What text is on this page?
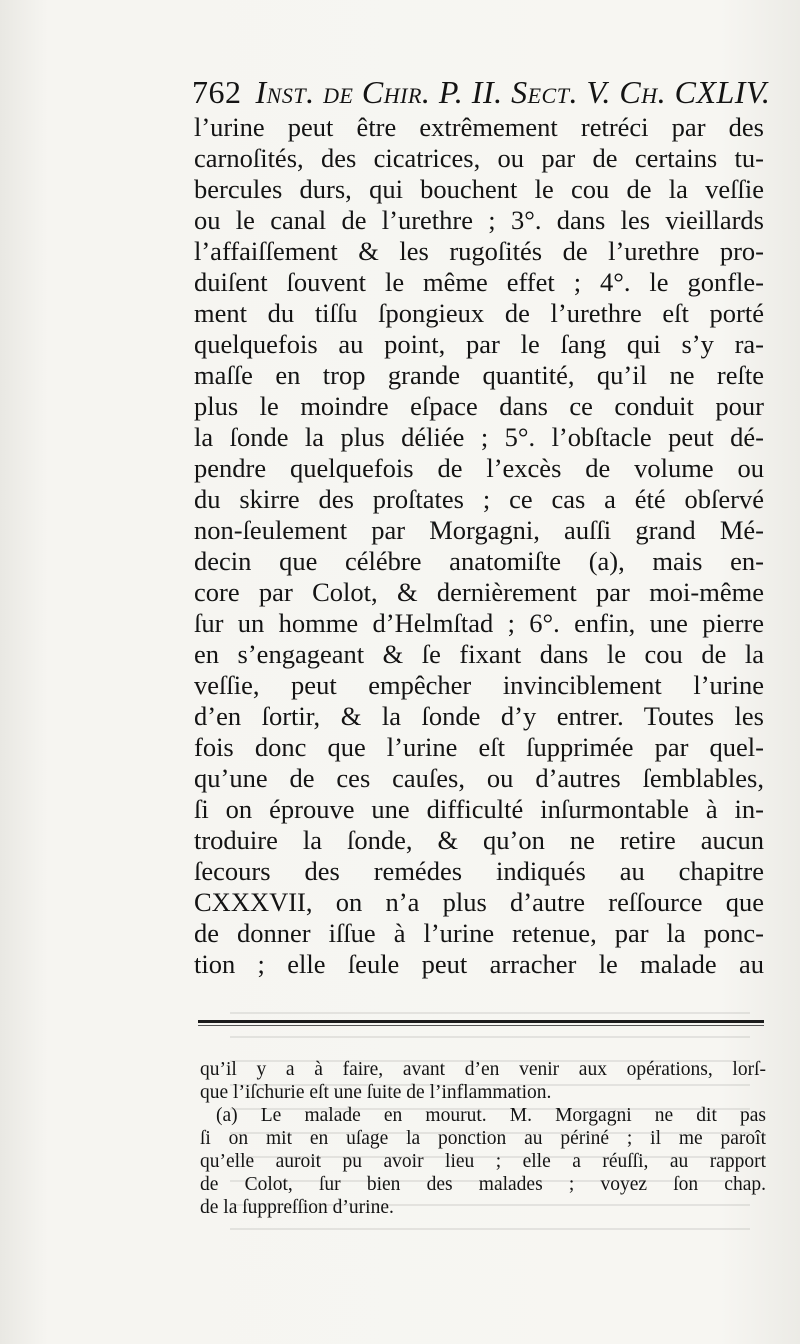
762 Inst. de Chir. P. II. Sect. V. Ch. CXLIV.
l’urine peut être extrêmement retréci par des
carnoſités, des cicatrices, ou par de certains tu-
bercules durs, qui bouchent le cou de la veſſie
ou le canal de l’urethre ; 3°. dans les vieillards
l’affaiſſement & les rugoſités de l’urethre pro-
duiſent ſouvent le même effet ; 4°. le gonfle-
ment du tiſſu ſpongieux de l’urethre eſt porté
quelquefois au point, par le ſang qui s’y ra-
maſſe en trop grande quantité, qu’il ne reſte
plus le moindre eſpace dans ce conduit pour
la ſonde la plus déliée ; 5°. l’obſtacle peut dé-
pendre quelquefois de l’excès de volume ou
du skirre des proſtates ; ce cas a été obſervé
non-ſeulement par Morgagni, auſſi grand Mé-
decin que célébre anatomiſte (a), mais en-
core par Colot, & dernièrement par moi-même
ſur un homme d’Helmſtad ; 6°. enfin, une pierre
en s’engageant & ſe fixant dans le cou de la
veſſie, peut empêcher invinciblement l’urine
d’en ſortir, & la ſonde d’y entrer. Toutes les
fois donc que l’urine eſt ſupprimée par quel-
qu’une de ces cauſes, ou d’autres ſemblables,
ſi on éprouve une difficulté inſurmontable à in-
troduire la ſonde, & qu’on ne retire aucun
ſecours des remédes indiqués au chapitre
CXXXVII, on n’a plus d’autre reſſource que
de donner iſſue à l’urine retenue, par la ponc-
tion ; elle ſeule peut arracher le malade au
qu’il y a à faire, avant d’en venir aux opérations, lorſ-
que l’iſchurie eſt une ſuite de l’inflammation.
(a) Le malade en mourut. M. Morgagni ne dit pas
ſi on mit en uſage la ponction au périné ; il me paroît
qu’elle auroit pu avoir lieu ; elle a réuſſi, au rapport
de Colot, ſur bien des malades ; voyez ſon chap.
de la ſuppreſſion d’urine.
